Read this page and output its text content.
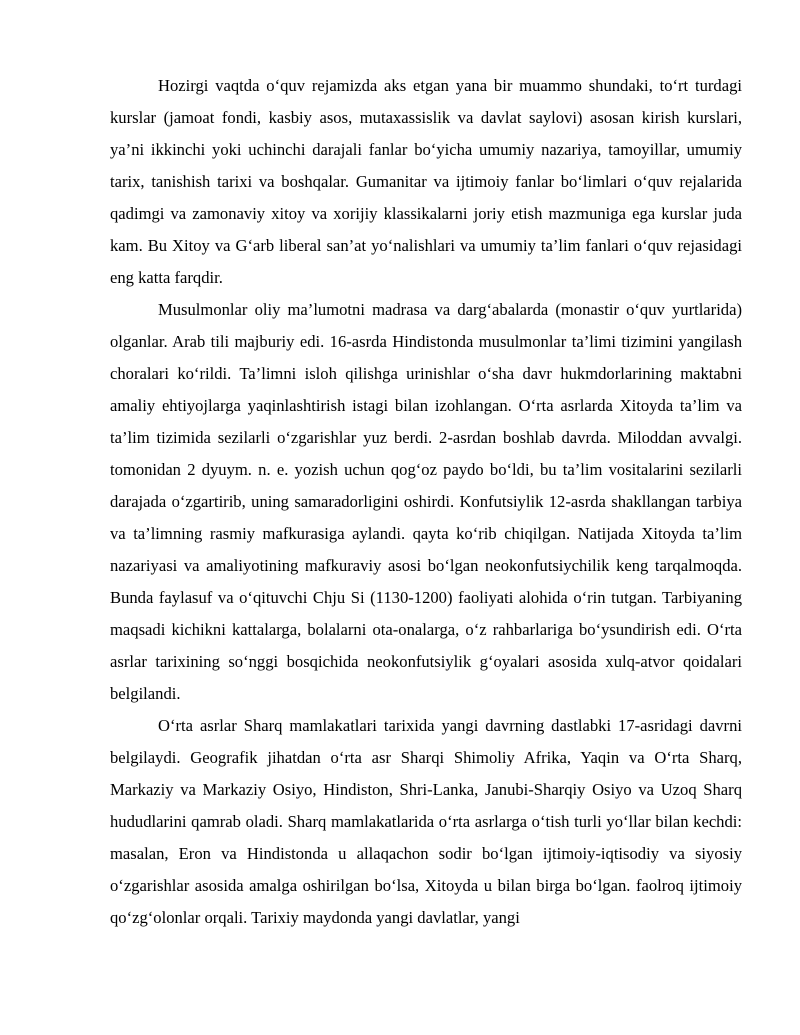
Hozirgi vaqtda o‘quv rejamizda aks etgan yana bir muammo shundaki, to‘rt turdagi kurslar (jamoat fondi, kasbiy asos, mutaxassislik va davlat saylovi) asosan kirish kurslari, ya’ni ikkinchi yoki uchinchi darajali fanlar bo‘yicha umumiy nazariya, tamoyillar, umumiy tarix, tanishish tarixi va boshqalar. Gumanitar va ijtimoiy fanlar bo‘limlari o‘quv rejalarida qadimgi va zamonaviy xitoy va xorijiy klassikalarni joriy etish mazmuniga ega kurslar juda kam. Bu Xitoy va G‘arb liberal san’at yo‘nalishlari va umumiy ta’lim fanlari o‘quv rejasidagi eng katta farqdir.

Musulmonlar oliy ma’lumotni madrasa va darg‘abalarda (monastir o‘quv yurtlarida) olganlar. Arab tili majburiy edi. 16-asrda Hindistonda musulmonlar ta’limi tizimini yangilash choralari ko‘rildi. Ta’limni isloh qilishga urinishlar o‘sha davr hukmdorlarining maktabni amaliy ehtiyojlarga yaqinlashtirish istagi bilan izohlangan. O‘rta asrlarda Xitoyda ta’lim va ta’lim tizimida sezilarli o‘zgarishlar yuz berdi. 2-asrdan boshlab davrda. Miloddan avvalgi. tomonidan 2 dyuym. n. e. yozish uchun qog‘oz paydo bo‘ldi, bu ta’lim vositalarini sezilarli darajada o‘zgartirib, uning samaradorligini oshirdi. Konfutsiylik 12-asrda shakllangan tarbiya va ta’limning rasmiy mafkurasiga aylandi. qayta ko‘rib chiqilgan. Natijada Xitoyda ta’lim nazariyasi va amaliyotining mafkuraviy asosi bo‘lgan neokonfutsiychilik keng tarqalmoqda. Bunda faylasuf va o‘qituvchi Chju Si (1130-1200) faoliyati alohida o‘rin tutgan. Tarbiyaning maqsadi kichikni kattalarga, bolalarni ota-onalarga, o‘z rahbarlariga bo‘ysundirish edi. O‘rta asrlar tarixining so‘nggi bosqichida neokonfutsiylik g‘oyalari asosida xulq-atvor qoidalari belgilandi.

O‘rta asrlar Sharq mamlakatlari tarixida yangi davrning dastlabki 17-asridagi davrni belgilaydi. Geografik jihatdan o‘rta asr Sharqi Shimoliy Afrika, Yaqin va O‘rta Sharq, Markaziy va Markaziy Osiyo, Hindiston, Shri-Lanka, Janubi-Sharqiy Osiyo va Uzoq Sharq hududlarini qamrab oladi. Sharq mamlakatlarida o‘rta asrlarga o‘tish turli yo‘llar bilan kechdi: masalan, Eron va Hindistonda u allaqachon sodir bo‘lgan ijtimoiy-iqtisodiy va siyosiy o‘zgarishlar asosida amalga oshirilgan bo‘lsa, Xitoyda u bilan birga bo‘lgan. faolroq ijtimoiy qo‘zg‘olonlar orqali. Tarixiy maydonda yangi davlatlar, yangi
